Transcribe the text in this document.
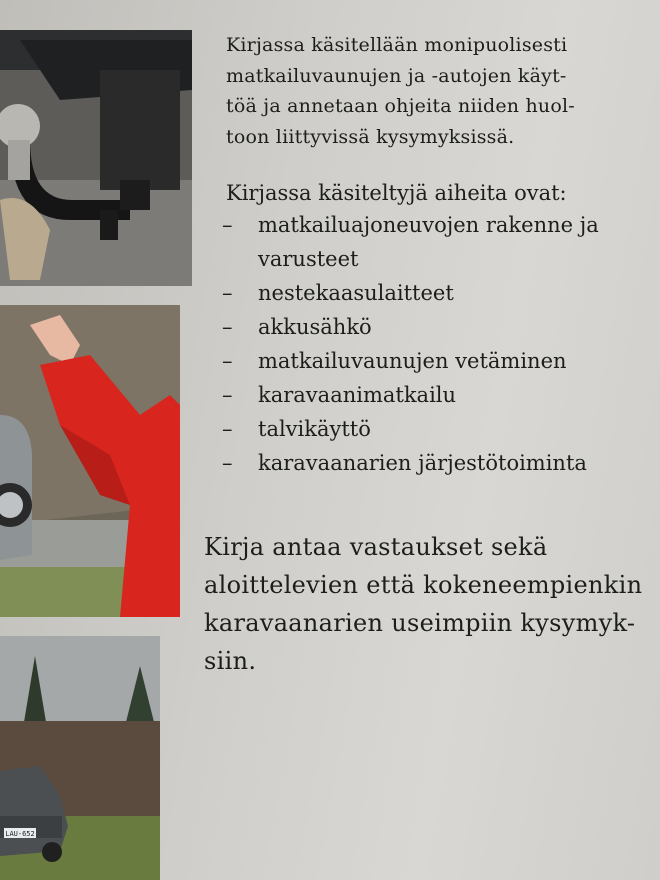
LAU-652
Kirjassa käsitellään monipuolisesti
matkailuvaunujen ja -autojen käyt-
töä ja annetaan ohjeita niiden huol-
toon liittyvissä kysymyksissä.
Kirjassa käsiteltyjä aiheita ovat:
– matkailuajoneuvojen rakenne ja
varusteet
– nestekaasulaitteet
– akkusähkö
– matkailuvaunujen vetäminen
– karavaanimatkailu
– talvikäyttö
– karavaanarien järjestötoiminta
Kirja antaa vastaukset sekä
aloittelevien että kokeneempienkin
karavaanarien useimpiin kysymyk-
siin.
